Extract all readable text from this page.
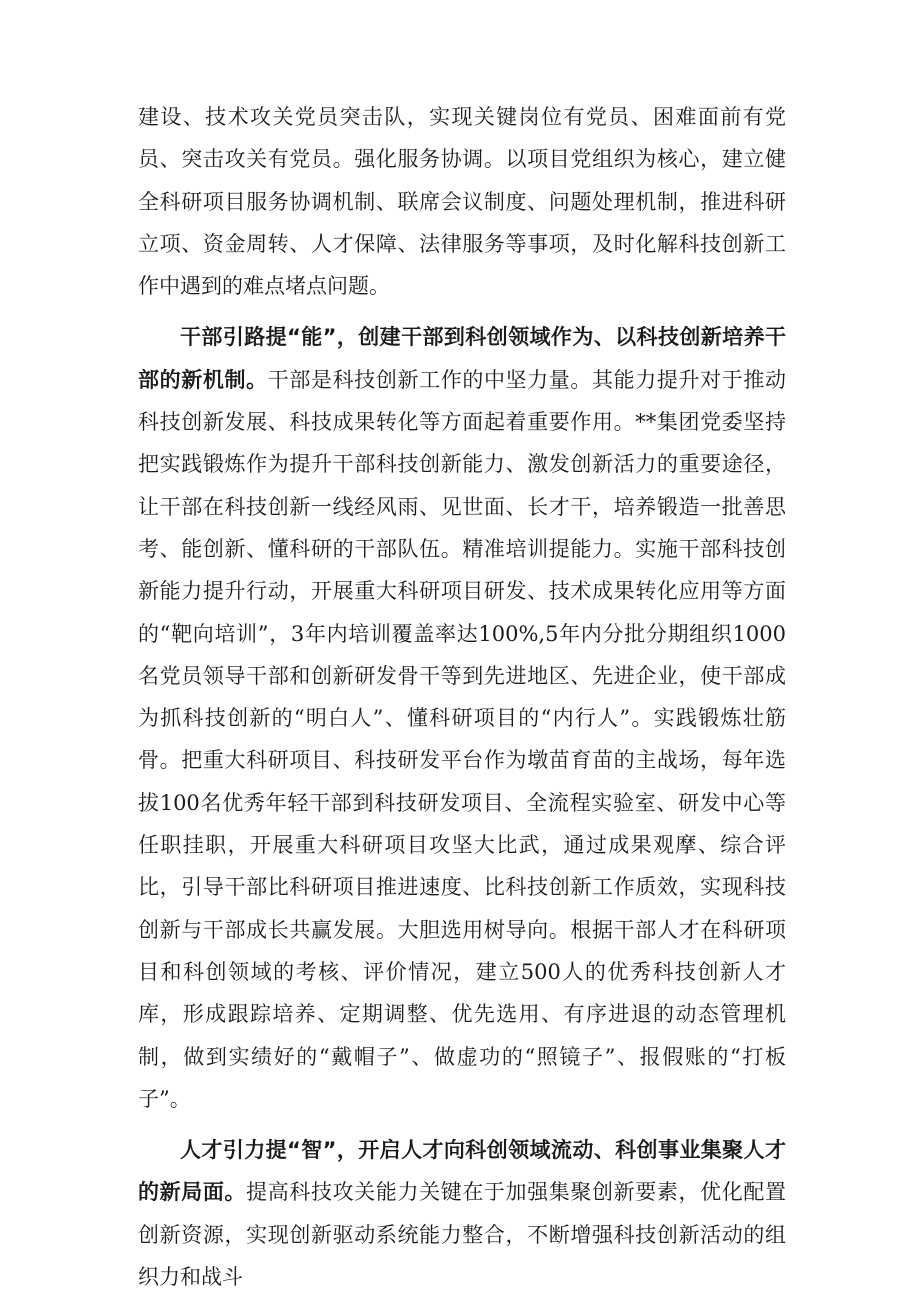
建设、技术攻关党员突击队，实现关键岗位有党员、困难面前有党员、突击攻关有党员。强化服务协调。以项目党组织为核心，建立健全科研项目服务协调机制、联席会议制度、问题处理机制，推进科研立项、资金周转、人才保障、法律服务等事项，及时化解科技创新工作中遇到的难点堵点问题。

干部引路提“能”，创建干部到科创领域作为、以科技创新培养干部的新机制。干部是科技创新工作的中坚力量。其能力提升对于推动科技创新发展、科技成果转化等方面起着重要作用。**集团党委坚持把实践锻炼作为提升干部科技创新能力、激发创新活力的重要途径，让干部在科技创新一线经风雨、见世面、长才干，培养锻造一批善思考、能创新、懂科研的干部队伍。精准培训提能力。实施干部科技创新能力提升行动，开展重大科研项目研发、技术成果转化应用等方面的“靶向培训”，3年内培训覆盖率达100%,5年内分批分期组织1000名党员领导干部和创新研发骨干等到先进地区、先进企业，使干部成为抓科技创新的“明白人”、懂科研项目的“内行人”。实践锻炼壮筋骨。把重大科研项目、科技研发平台作为墩苗育苗的主战场，每年选拔100名优秀年轻干部到科技研发项目、全流程实验室、研发中心等任职挂职，开展重大科研项目攻坚大比武，通过成果观摩、综合评比，引导干部比科研项目推进速度、比科技创新工作质效，实现科技创新与干部成长共赢发展。大胆选用树导向。根据干部人才在科研项目和科创领域的考核、评价情况，建立500人的优秀科技创新人才库，形成跟踪培养、定期调整、优先选用、有序进退的动态管理机制，做到实绩好的“戴帽子”、做虚功的“照镜子”、报假账的“打板子”。

人才引力提“智”，开启人才向科创领域流动、科创事业集聚人才的新局面。提高科技攻关能力关键在于加强集聚创新要素，优化配置创新资源，实现创新驱动系统能力整合，不断增强科技创新活动的组织力和战斗
